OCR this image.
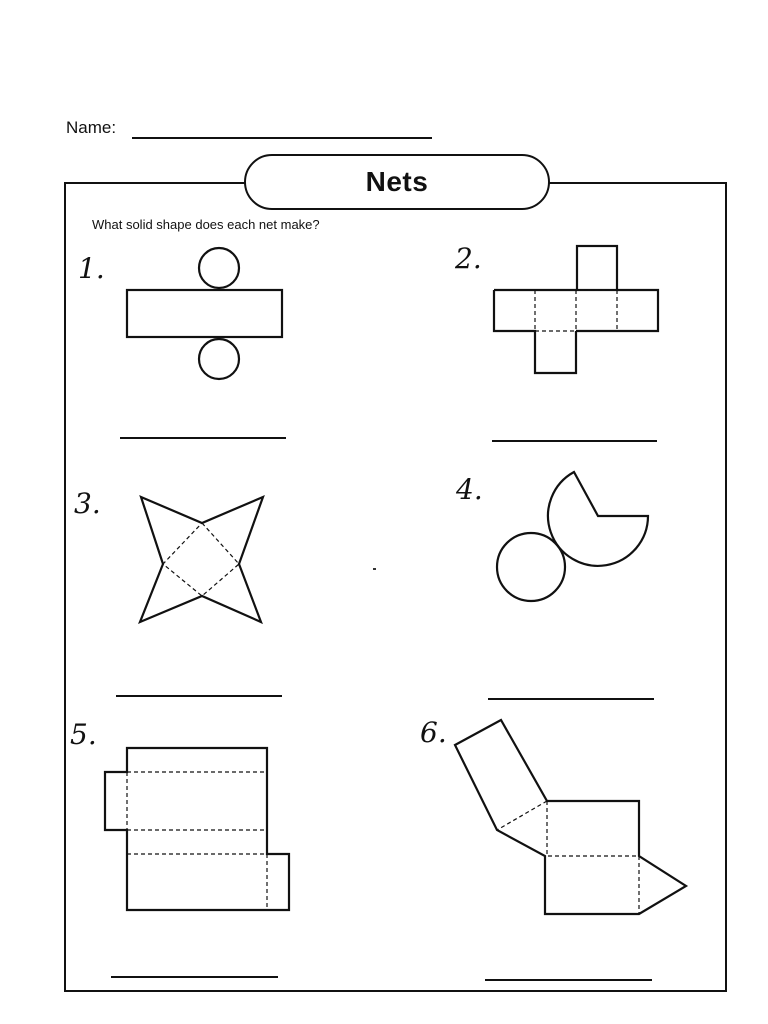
Name:
Nets
What solid shape does each net make?
1.	2.
3.	4.
5.	6.
